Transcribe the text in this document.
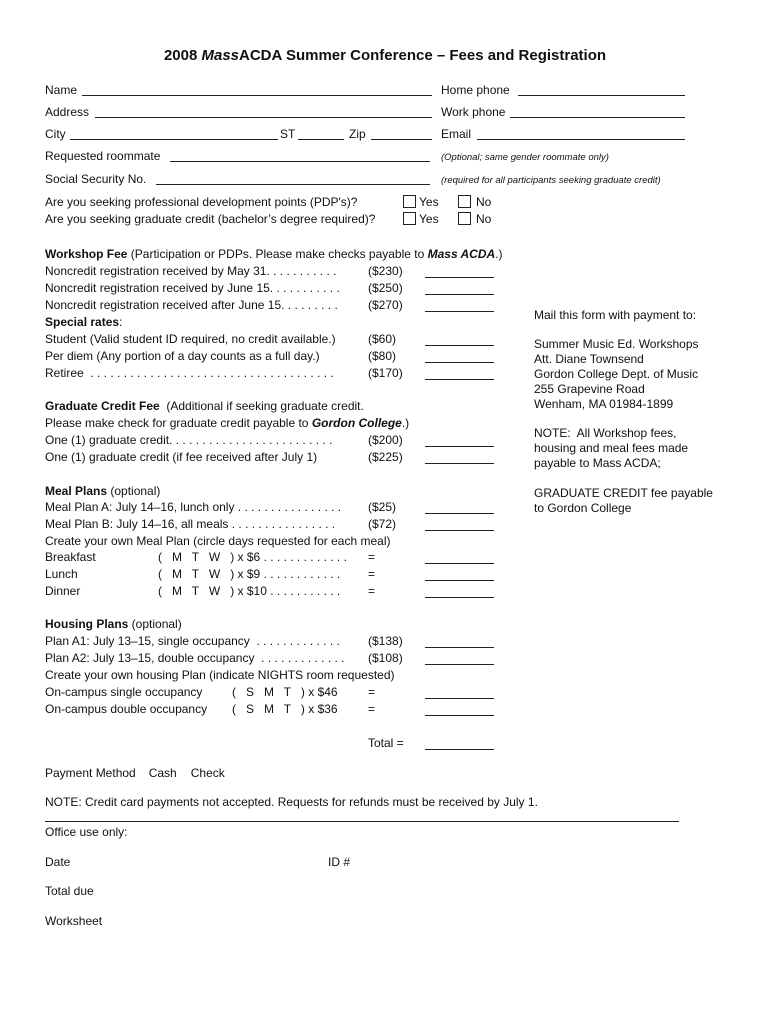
2008 MassACDA Summer Conference – Fees and Registration
Name	Home phone
Address	Work phone
City	ST	Zip	Email
Requested roommate	(Optional; same gender roommate only)
Social Security No.	(required for all participants seeking graduate credit)
Are you seeking professional development points (PDP's)?	Yes	No
Are you seeking graduate credit (bachelor’s degree required)?	Yes	No
Workshop Fee (Participation or PDPs. Please make checks payable to Mass ACDA.)
Noncredit registration received by May 31. . . . . . . . . . .	($230)
Noncredit registration received by June 15. . . . . . . . . . . ($250)
Noncredit registration received after June 15. . . . . . . . .	($270)
Special rates:
Student (Valid student ID required, no credit available.)	($60)
Per diem (Any portion of a day counts as a full day.)	($80)
Retiree  . . . . . . . . . . . . . . . . . . . . . . . . . . . . . . . . . . . . .	($170)
Graduate Credit Fee  (Additional if seeking graduate credit.
Please make check for graduate credit payable to Gordon College.)
One (1) graduate credit. . . . . . . . . . . . . . . . . . . . . . . . .	($200)
One (1) graduate credit (if fee received after July 1)	($225)
Meal Plans (optional)
Meal Plan A: July 14–16, lunch only . . . . . . . . . . . . . . . . ($25)
Meal Plan B: July 14–16, all meals . . . . . . . . . . . . . . . .	($72)
Create your own Meal Plan (circle days requested for each meal)
Breakfast	(   M   T   W   ) x $6 . . . . . . . . . . . . . =
Lunch	(   M   T   W   ) x $9 . . . . . . . . . . . . =
Dinner	(   M   T   W   ) x $10 . . . . . . . . . . . =
Housing Plans (optional)
Plan A1: July 13–15, single occupancy  . . . . . . . . . . . . . ($138)
Plan A2: July 13–15, double occupancy  . . . . . . . . . . . . . ($108)
Create your own housing Plan (indicate NIGHTS room requested)
On-campus single occupancy (   S   M   T   ) x $46	=
On-campus double occupancy (   S   M   T   ) x $36	=
Total =
Payment Method Cash Check
NOTE: Credit card payments not accepted. Requests for refunds must be received by July 1.
Office use only:
Date	ID #
Total due
Worksheet
Mail this form with payment to:
Summer Music Ed. Workshops
Att. Diane Townsend
Gordon College Dept. of Music
255 Grapevine Road
Wenham, MA 01984-1899
NOTE:  All Workshop fees,
housing and meal fees made
payable to Mass ACDA;
GRADUATE CREDIT fee payable
to Gordon College
